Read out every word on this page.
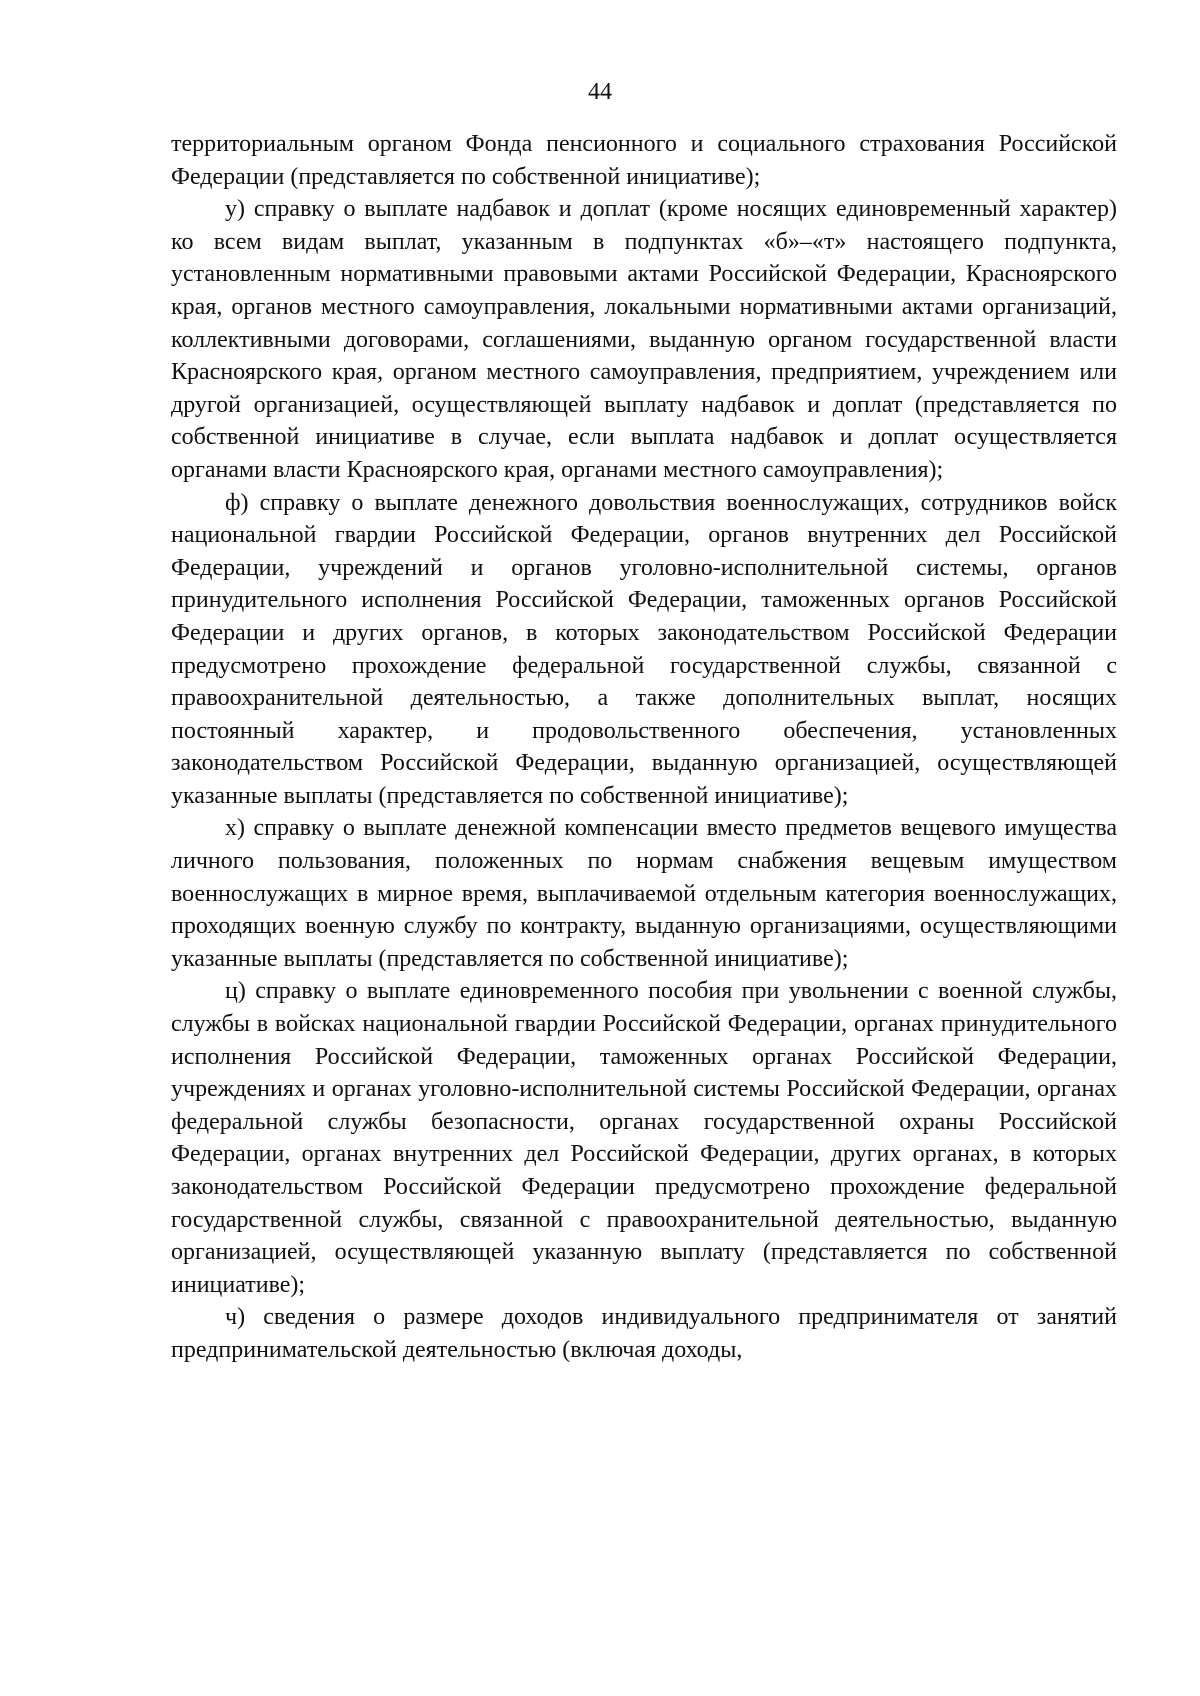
44

территориальным органом Фонда пенсионного и социального страхования Российской Федерации (представляется по собственной инициативе);

у) справку о выплате надбавок и доплат (кроме носящих единовременный характер) ко всем видам выплат, указанным в подпунктах «б»–«т» настоящего подпункта, установленным нормативными правовыми актами Российской Федерации, Красноярского края, органов местного самоуправления, локальными нормативными актами организаций, коллективными договорами, соглашениями, выданную органом государственной власти Красноярского края, органом местного самоуправления, предприятием, учреждением или другой организацией, осуществляющей выплату надбавок и доплат (представляется по собственной инициативе в случае, если выплата надбавок и доплат осуществляется органами власти Красноярского края, органами местного самоуправления);

ф) справку о выплате денежного довольствия военнослужащих, сотрудников войск национальной гвардии Российской Федерации, органов внутренних дел Российской Федерации, учреждений и органов уголовно-исполнительной системы, органов принудительного исполнения Российской Федерации, таможенных органов Российской Федерации и других органов, в которых законодательством Российской Федерации предусмотрено прохождение федеральной государственной службы, связанной с правоохранительной деятельностью, а также дополнительных выплат, носящих постоянный характер, и продовольственного обеспечения, установленных законодательством Российской Федерации, выданную организацией, осуществляющей указанные выплаты (представляется по собственной инициативе);

х) справку о выплате денежной компенсации вместо предметов вещевого имущества личного пользования, положенных по нормам снабжения вещевым имуществом военнослужащих в мирное время, выплачиваемой отдельным категория военнослужащих, проходящих военную службу по контракту, выданную организациями, осуществляющими указанные выплаты (представляется по собственной инициативе);

ц) справку о выплате единовременного пособия при увольнении с военной службы, службы в войсках национальной гвардии Российской Федерации, органах принудительного исполнения Российской Федерации, таможенных органах Российской Федерации, учреждениях и органах уголовно-исполнительной системы Российской Федерации, органах федеральной службы безопасности, органах государственной охраны Российской Федерации, органах внутренних дел Российской Федерации, других органах, в которых законодательством Российской Федерации предусмотрено прохождение федеральной государственной службы, связанной с правоохранительной деятельностью, выданную организацией, осуществляющей указанную выплату (представляется по собственной инициативе);

ч) сведения о размере доходов индивидуального предпринимателя от занятий предпринимательской деятельностью (включая доходы,
